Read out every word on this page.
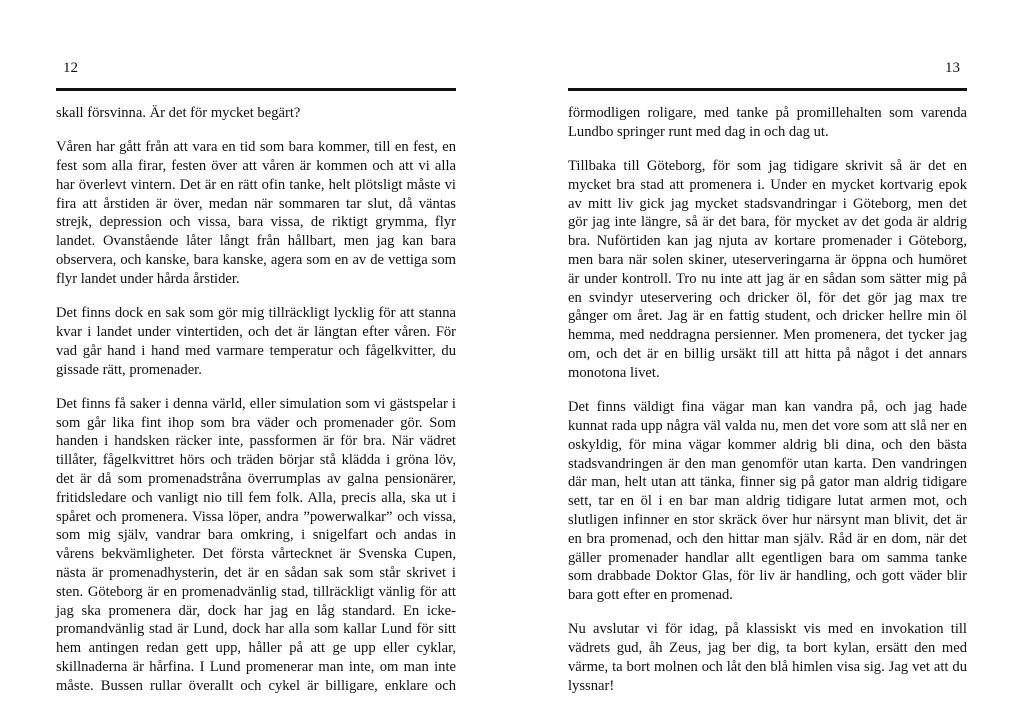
12

skall försvinna. Är det för mycket begärt?

Våren har gått från att vara en tid som bara kommer, till en fest, en
fest som alla firar, festen över att våren är kommen och att vi alla
har överlevt vintern. Det är en rätt ofin tanke, helt plötsligt måste vi
fira att årstiden är över, medan när sommaren tar slut, då väntas
strejk, depression och vissa, bara vissa, de riktigt grymma, flyr
landet. Ovanstående låter långt från hållbart, men jag kan bara
observera, och kanske, bara kanske, agera som en av de vettiga som
flyr landet under hårda årstider.

Det finns dock en sak som gör mig tillräckligt lycklig för att stanna
kvar i landet under vintertiden, och det är längtan efter våren. För
vad går hand i hand med varmare temperatur och fågelkvitter, du
gissade rätt, promenader.

Det finns få saker i denna värld, eller simulation som vi gästspelar i
som går lika fint ihop som bra väder och promenader gör. Som
handen i handsken räcker inte, passformen är för bra. När vädret
tillåter, fågelkvittret hörs och träden börjar stå klädda i gröna löv,
det är då som promenadstråna överrumplas av galna pensionärer,
fritidsledare och vanligt nio till fem folk. Alla, precis alla, ska ut i
spåret och promenera. Vissa löper, andra ”powerwalkar” och vissa,
som mig själv, vandrar bara omkring, i snigelfart och andas in
vårens bekvämligheter. Det första vårtecknet är Svenska Cupen,
nästa är promenadhysterin, det är en sådan sak som står skrivet i
sten. Göteborg är en promenadvänlig stad, tillräckligt vänlig för att
jag ska promenera där, dock har jag en låg standard. En icke-
promandvänlig stad är Lund, dock har alla som kallar Lund för sitt
hem antingen redan gett upp, håller på att ge upp eller cyklar,
skillnaderna är hårfina. I Lund promenerar man inte, om man inte
måste. Bussen rullar överallt och cykel är billigare, enklare och

13

förmodligen roligare, med tanke på promillehalten som varenda
Lundbo springer runt med dag in och dag ut.

Tillbaka till Göteborg, för som jag tidigare skrivit så är det en
mycket bra stad att promenera i. Under en mycket kortvarig epok
av mitt liv gick jag mycket stadsvandringar i Göteborg, men det
gör jag inte längre, så är det bara, för mycket av det goda är aldrig
bra. Nuförtiden kan jag njuta av kortare promenader i Göteborg,
men bara när solen skiner, uteserveringarna är öppna och humöret
är under kontroll. Tro nu inte att jag är en sådan som sätter mig på
en svindyr uteservering och dricker öl, för det gör jag max tre
gånger om året. Jag är en fattig student, och dricker hellre min öl
hemma, med neddragna persienner. Men promenera, det tycker jag
om, och det är en billig ursäkt till att hitta på något i det annars
monotona livet.

Det finns väldigt fina vägar man kan vandra på, och jag hade
kunnat rada upp några väl valda nu, men det vore som att slå ner en
oskyldig, för mina vägar kommer aldrig bli dina, och den bästa
stadsvandringen är den man genomför utan karta. Den vandringen
där man, helt utan att tänka, finner sig på gator man aldrig tidigare
sett, tar en öl i en bar man aldrig tidigare lutat armen mot, och
slutligen infinner en stor skräck över hur närsynt man blivit, det är
en bra promenad, och den hittar man själv. Råd är en dom, när det
gäller promenader handlar allt egentligen bara om samma tanke
som drabbade Doktor Glas, för liv är handling, och gott väder blir
bara gott efter en promenad.

Nu avslutar vi för idag, på klassiskt vis med en invokation till
vädrets gud, åh Zeus, jag ber dig, ta bort kylan, ersätt den med
värme, ta bort molnen och låt den blå himlen visa sig. Jag vet att du
lyssnar!
